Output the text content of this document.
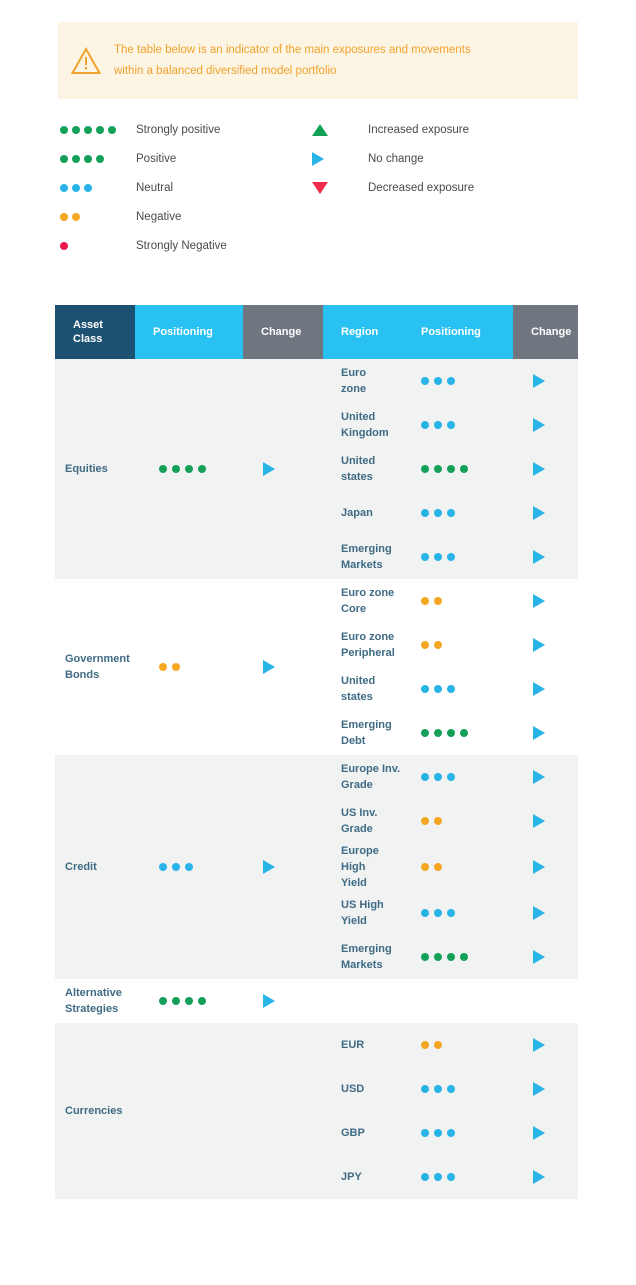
The table below is an indicator of the main exposures and movements
within a balanced diversified model portfolio
Strongly positive
Positive
Neutral
Negative
Strongly Negative
Increased exposure
No change
Decreased exposure
Asset Class	Positioning	Change	Region	Positioning	Change
Equities			Euro
zone		

			United
Kingdom		

			United
states		

			Japan		

			Emerging
Markets		

Government
Bonds			Euro zone
Core		

			Euro zone
Peripheral		

			United
states		

			Emerging
Debt		

Credit			Europe Inv.
Grade		

			US Inv.
Grade		

			Europe High
Yield		

			US High
Yield		

			Emerging
Markets		

Alternative
Strategies	

Currencies			EUR		

			USD		

			GBP		

			JPY		
